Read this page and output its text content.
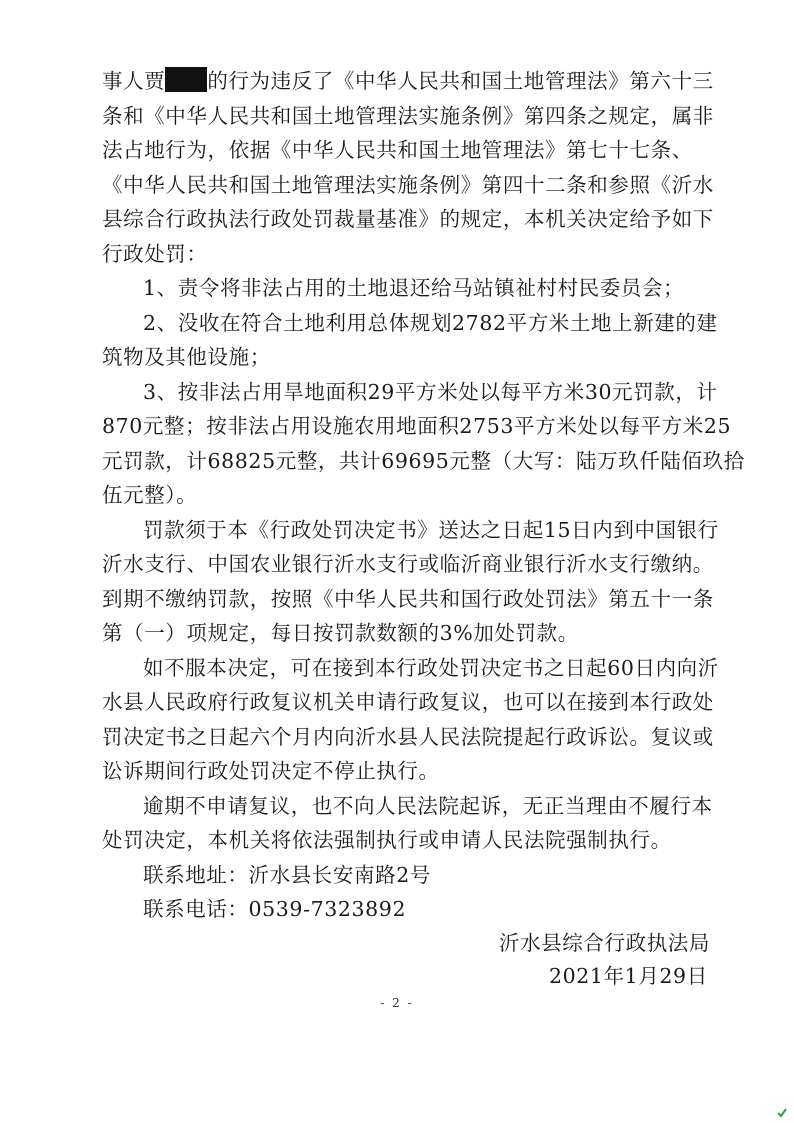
事人贾 的行为违反了《中华人民共和国土地管理法》第六十三
条和《中华人民共和国土地管理法实施条例》第四条之规定，属非
法占地行为，依据《中华人民共和国土地管理法》第七十七条、
《中华人民共和国土地管理法实施条例》第四十二条和参照《沂水
县综合行政执法行政处罚裁量基准》的规定，本机关决定给予如下
行政处罚：
1、责令将非法占用的土地退还给马站镇祉村村民委员会；
2、没收在符合土地利用总体规划2782平方米土地上新建的建
筑物及其他设施；
3、按非法占用旱地面积29平方米处以每平方米30元罚款，计
870元整；按非法占用设施农用地面积2753平方米处以每平方米25
元罚款，计68825元整，共计69695元整（大写：陆万玖仟陆佰玖拾
伍元整）。
罚款须于本《行政处罚决定书》送达之日起15日内到中国银行
沂水支行、中国农业银行沂水支行或临沂商业银行沂水支行缴纳。
到期不缴纳罚款，按照《中华人民共和国行政处罚法》第五十一条
第（一）项规定，每日按罚款数额的3%加处罚款。
如不服本决定，可在接到本行政处罚决定书之日起60日内向沂
水县人民政府行政复议机关申请行政复议，也可以在接到本行政处
罚决定书之日起六个月内向沂水县人民法院提起行政诉讼。复议或
讼诉期间行政处罚决定不停止执行。
逾期不申请复议，也不向人民法院起诉，无正当理由不履行本
处罚决定，本机关将依法强制执行或申请人民法院强制执行。
联系地址：沂水县长安南路2号
联系电话：0539-7323892
沂水县综合行政执法局
2021年1月29日
- 2 -
